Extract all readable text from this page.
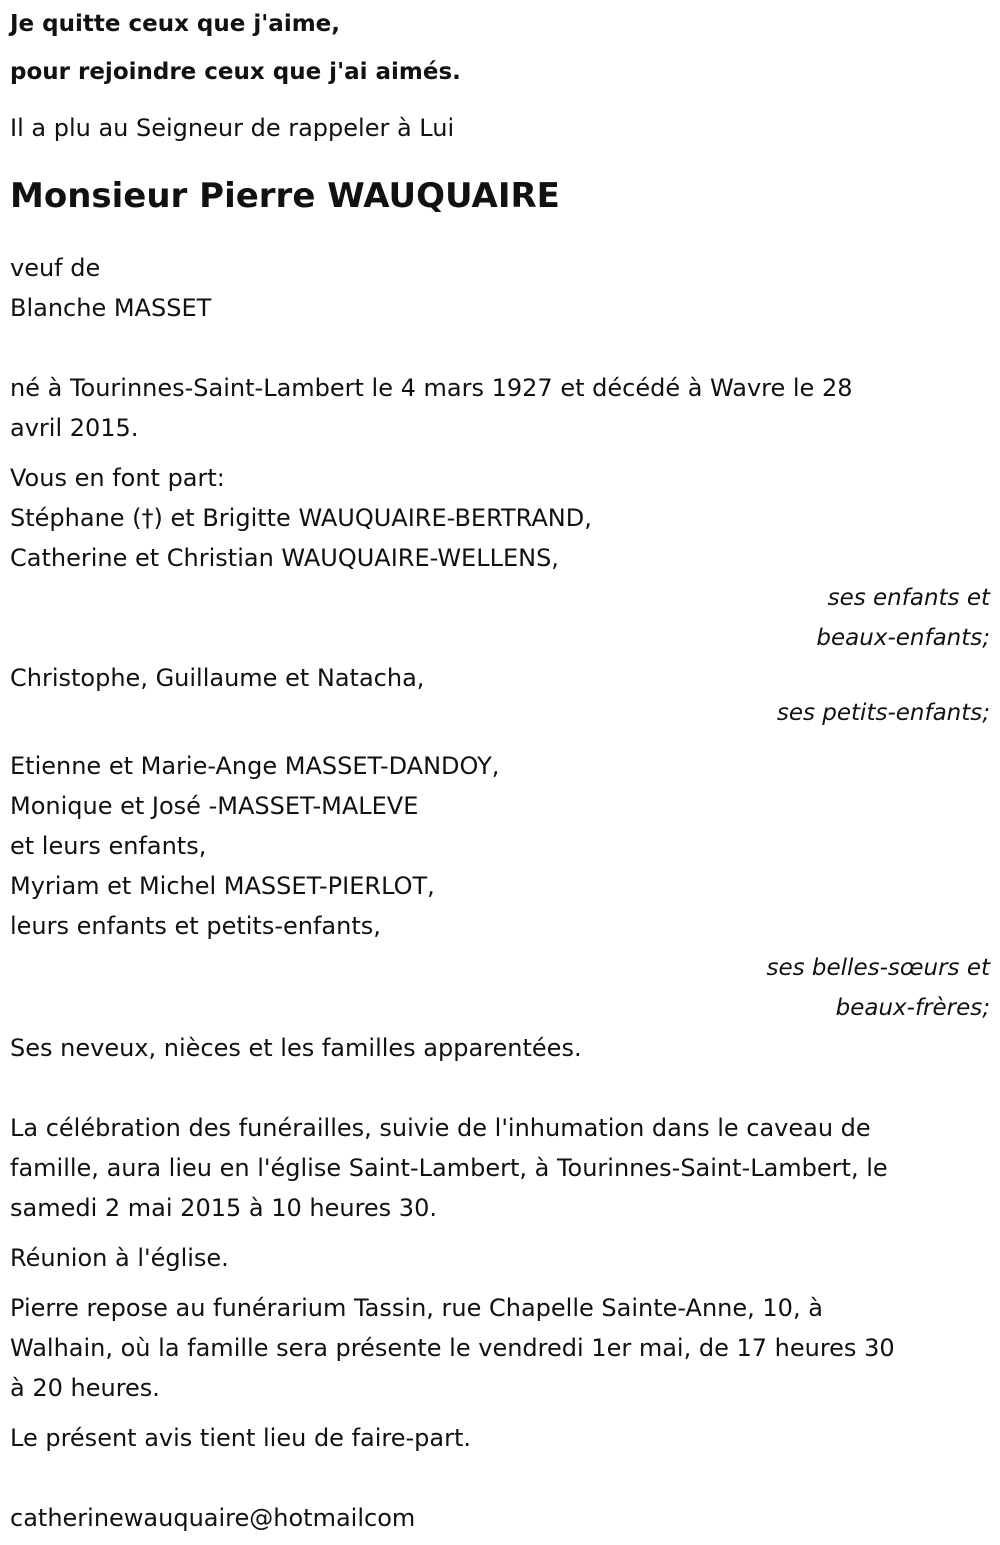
Je quitte ceux que j'aime,
pour rejoindre ceux que j'ai aimés.
Il a plu au Seigneur de rappeler à Lui
Monsieur Pierre WAUQUAIRE
veuf de
Blanche MASSET
né à Tourinnes-Saint-Lambert le 4 mars 1927 et décédé à Wavre le 28
avril 2015.
Vous en font part:
Stéphane (†) et Brigitte WAUQUAIRE-BERTRAND,
Catherine et Christian WAUQUAIRE-WELLENS,
ses enfants et
beaux-enfants;
Christophe, Guillaume et Natacha,
ses petits-enfants;
Etienne et Marie-Ange MASSET-DANDOY,
Monique et José -MASSET-MALEVE
et leurs enfants,
Myriam et Michel MASSET-PIERLOT,
leurs enfants et petits-enfants,
ses belles-sœurs et
beaux-frères;
Ses neveux, nièces et les familles apparentées.
La célébration des funérailles, suivie de l'inhumation dans le caveau de
famille, aura lieu en l'église Saint-Lambert, à Tourinnes-Saint-Lambert, le
samedi 2 mai 2015 à 10 heures 30.
Réunion à l'église.
Pierre repose au funérarium Tassin, rue Chapelle Sainte-Anne, 10, à
Walhain, où la famille sera présente le vendredi 1er mai, de 17 heures 30
à 20 heures.
Le présent avis tient lieu de faire-part.
catherinewauquaire@hotmailcom
